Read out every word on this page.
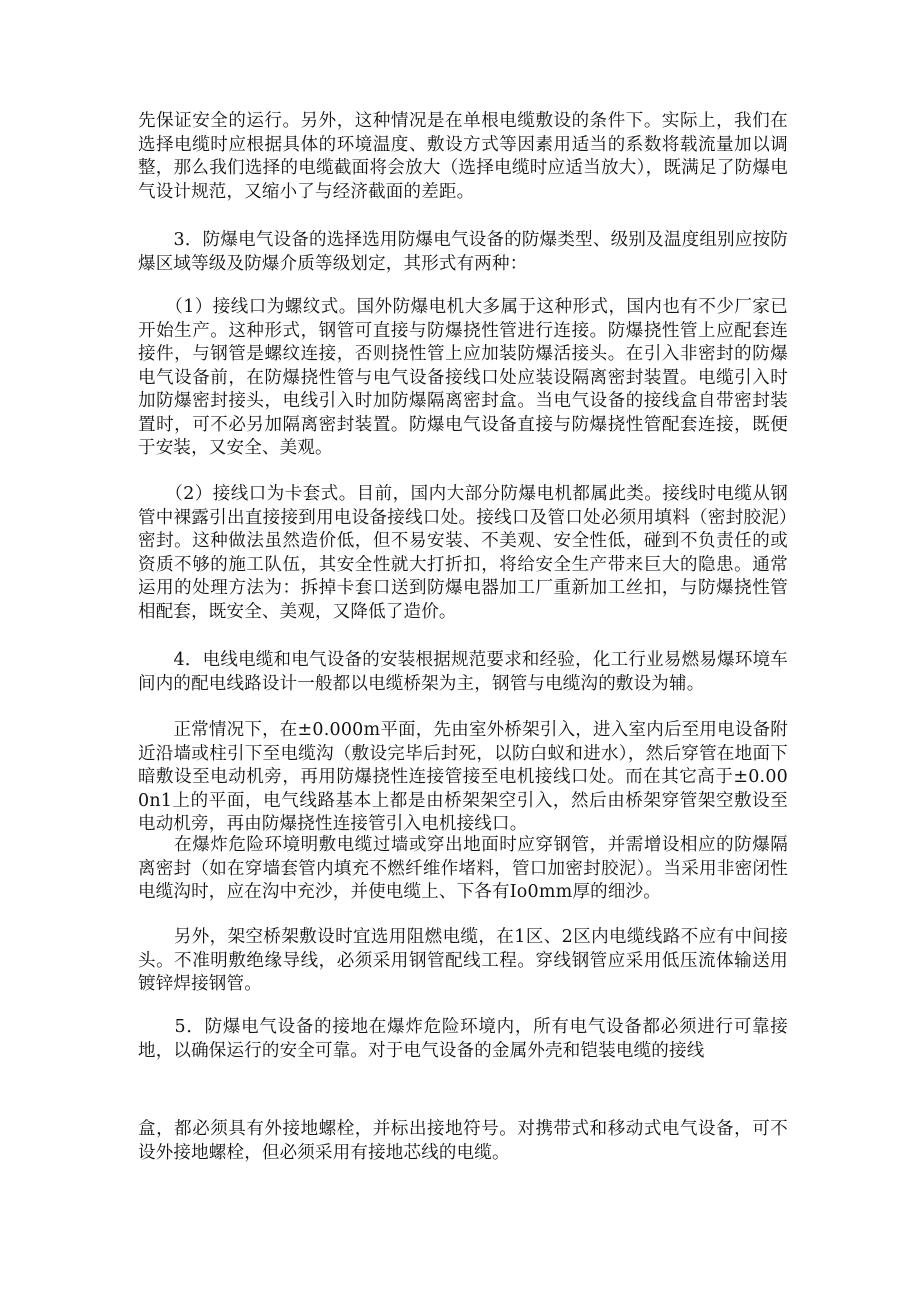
先保证安全的运行。另外，这种情况是在单根电缆敷设的条件下。实际上，我们在选择电缆时应根据具体的环境温度、敷设方式等因素用适当的系数将载流量加以调整，那么我们选择的电缆截面将会放大（选择电缆时应适当放大），既满足了防爆电气设计规范，又缩小了与经济截面的差距。

　　3．防爆电气设备的选择选用防爆电气设备的防爆类型、级别及温度组别应按防爆区域等级及防爆介质等级划定，其形式有两种：

　　（1）接线口为螺纹式。国外防爆电机大多属于这种形式，国内也有不少厂家已开始生产。这种形式，钢管可直接与防爆挠性管进行连接。防爆挠性管上应配套连接件，与钢管是螺纹连接，否则挠性管上应加装防爆活接头。在引入非密封的防爆电气设备前，在防爆挠性管与电气设备接线口处应装设隔离密封装置。电缆引入时加防爆密封接头，电线引入时加防爆隔离密封盒。当电气设备的接线盒自带密封装置时，可不必另加隔离密封装置。防爆电气设备直接与防爆挠性管配套连接，既便于安装，又安全、美观。

　　（2）接线口为卡套式。目前，国内大部分防爆电机都属此类。接线时电缆从钢管中裸露引出直接接到用电设备接线口处。接线口及管口处必须用填料（密封胶泥）密封。这种做法虽然造价低，但不易安装、不美观、安全性低，碰到不负责任的或资质不够的施工队伍，其安全性就大打折扣，将给安全生产带来巨大的隐患。通常运用的处理方法为：拆掉卡套口送到防爆电器加工厂重新加工丝扣，与防爆挠性管相配套，既安全、美观，又降低了造价。

　　4．电线电缆和电气设备的安装根据规范要求和经验，化工行业易燃易爆环境车间内的配电线路设计一般都以电缆桥架为主，钢管与电缆沟的敷设为辅。

　　正常情况下，在±0.000m平面，先由室外桥架引入，进入室内后至用电设备附近沿墙或柱引下至电缆沟（敷设完毕后封死，以防白蚁和进水），然后穿管在地面下暗敷设至电动机旁，再用防爆挠性连接管接至电机接线口处。而在其它高于±0.000n1上的平面，电气线路基本上都是由桥架架空引入，然后由桥架穿管架空敷设至电动机旁，再由防爆挠性连接管引入电机接线口。

　　在爆炸危险环境明敷电缆过墙或穿出地面时应穿钢管，并需增设相应的防爆隔离密封（如在穿墙套管内填充不燃纤维作堵料，管口加密封胶泥）。当采用非密闭性电缆沟时，应在沟中充沙，并使电缆上、下各有Io0mm厚的细沙。

　　另外，架空桥架敷设时宜选用阻燃电缆，在1区、2区内电缆线路不应有中间接头。不准明敷绝缘导线，必须采用钢管配线工程。穿线钢管应采用低压流体输送用镀锌焊接钢管。

　　5．防爆电气设备的接地在爆炸危险环境内，所有电气设备都必须进行可靠接地，以确保运行的安全可靠。对于电气设备的金属外壳和铠装电缆的接线

盒，都必须具有外接地螺栓，并标出接地符号。对携带式和移动式电气设备，可不设外接地螺栓，但必须采用有接地芯线的电缆。
